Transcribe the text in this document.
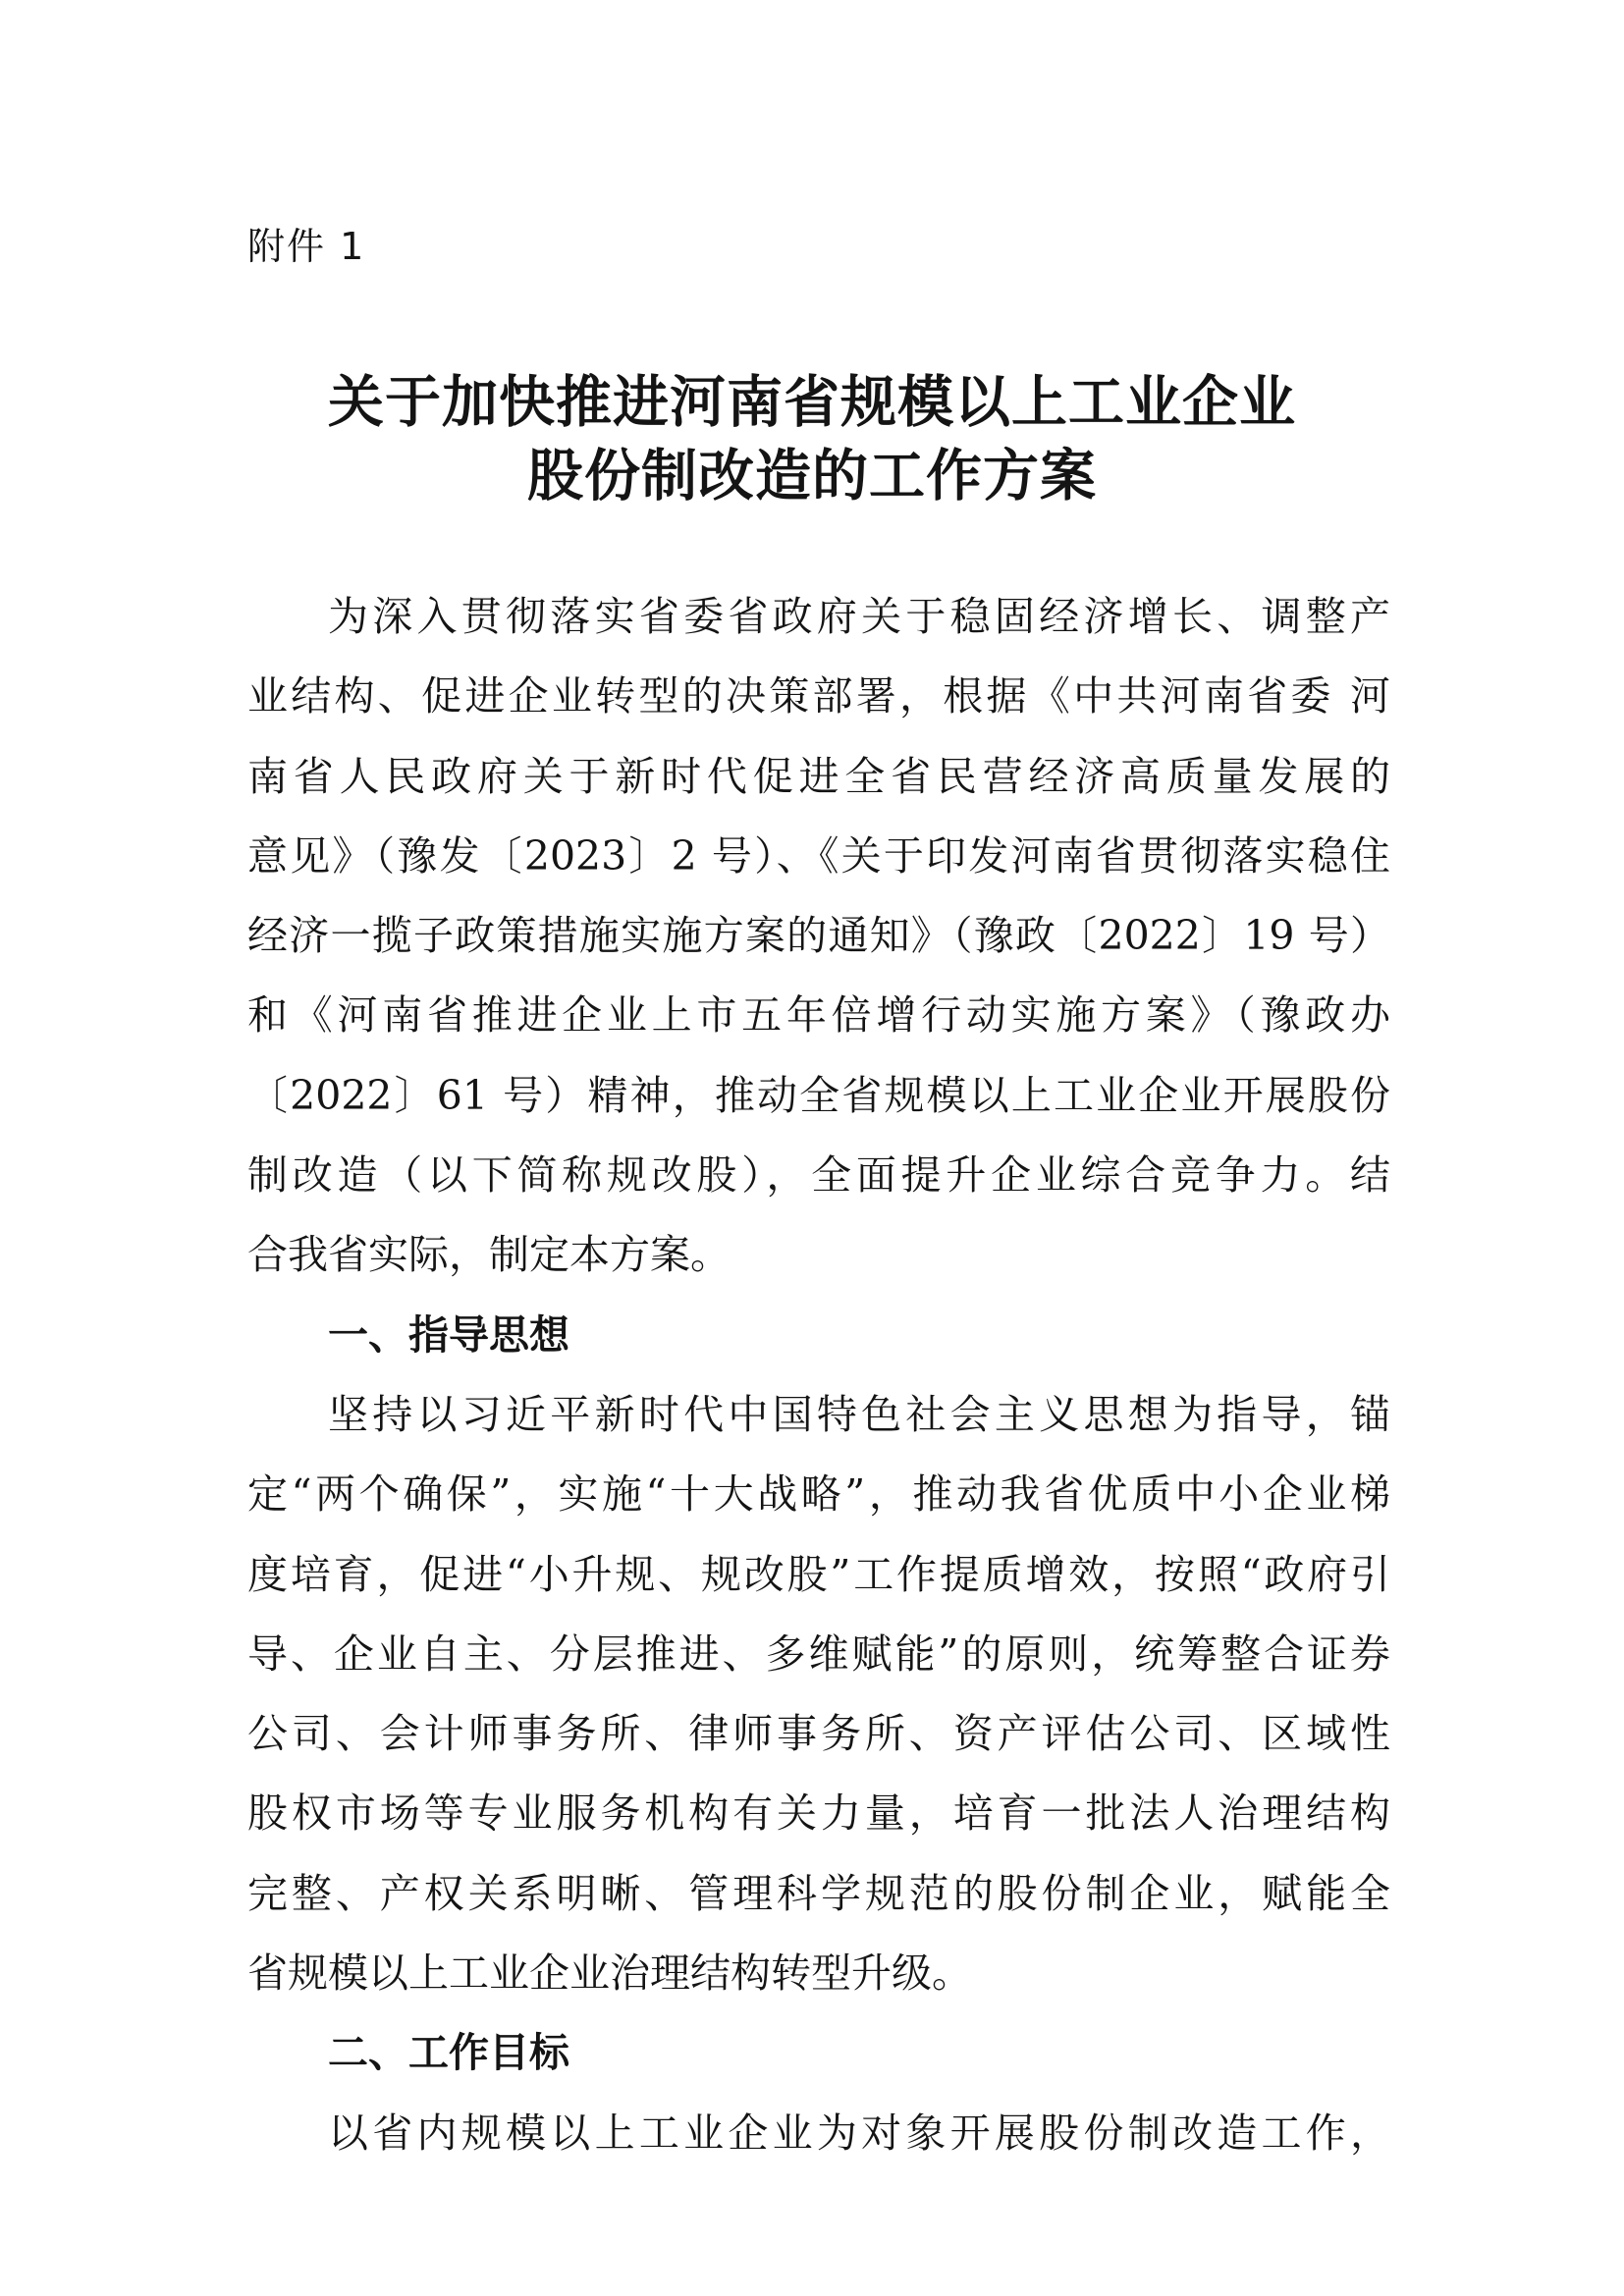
附件 1
关于加快推进河南省规模以上工业企业
股份制改造的工作方案
为深入贯彻落实省委省政府关于稳固经济增长、调整产
业结构、促进企业转型的决策部署，根据《中共河南省委 河
南省人民政府关于新时代促进全省民营经济高质量发展的
意见》（豫发〔2023〕2 号）、《关于印发河南省贯彻落实稳住
经济一揽子政策措施实施方案的通知》（豫政〔2022〕19 号）
和《河南省推进企业上市五年倍增行动实施方案》（豫政办
〔2022〕61 号）精神，推动全省规模以上工业企业开展股份
制改造（以下简称规改股），全面提升企业综合竞争力。结
合我省实际，制定本方案。
一、指导思想
坚持以习近平新时代中国特色社会主义思想为指导，锚
定“两个确保”，实施“十大战略”，推动我省优质中小企业梯
度培育，促进“小升规、规改股”工作提质增效，按照“政府引
导、企业自主、分层推进、多维赋能”的原则，统筹整合证券
公司、会计师事务所、律师事务所、资产评估公司、区域性
股权市场等专业服务机构有关力量，培育一批法人治理结构
完整、产权关系明晰、管理科学规范的股份制企业，赋能全
省规模以上工业企业治理结构转型升级。
二、工作目标
以省内规模以上工业企业为对象开展股份制改造工作，
